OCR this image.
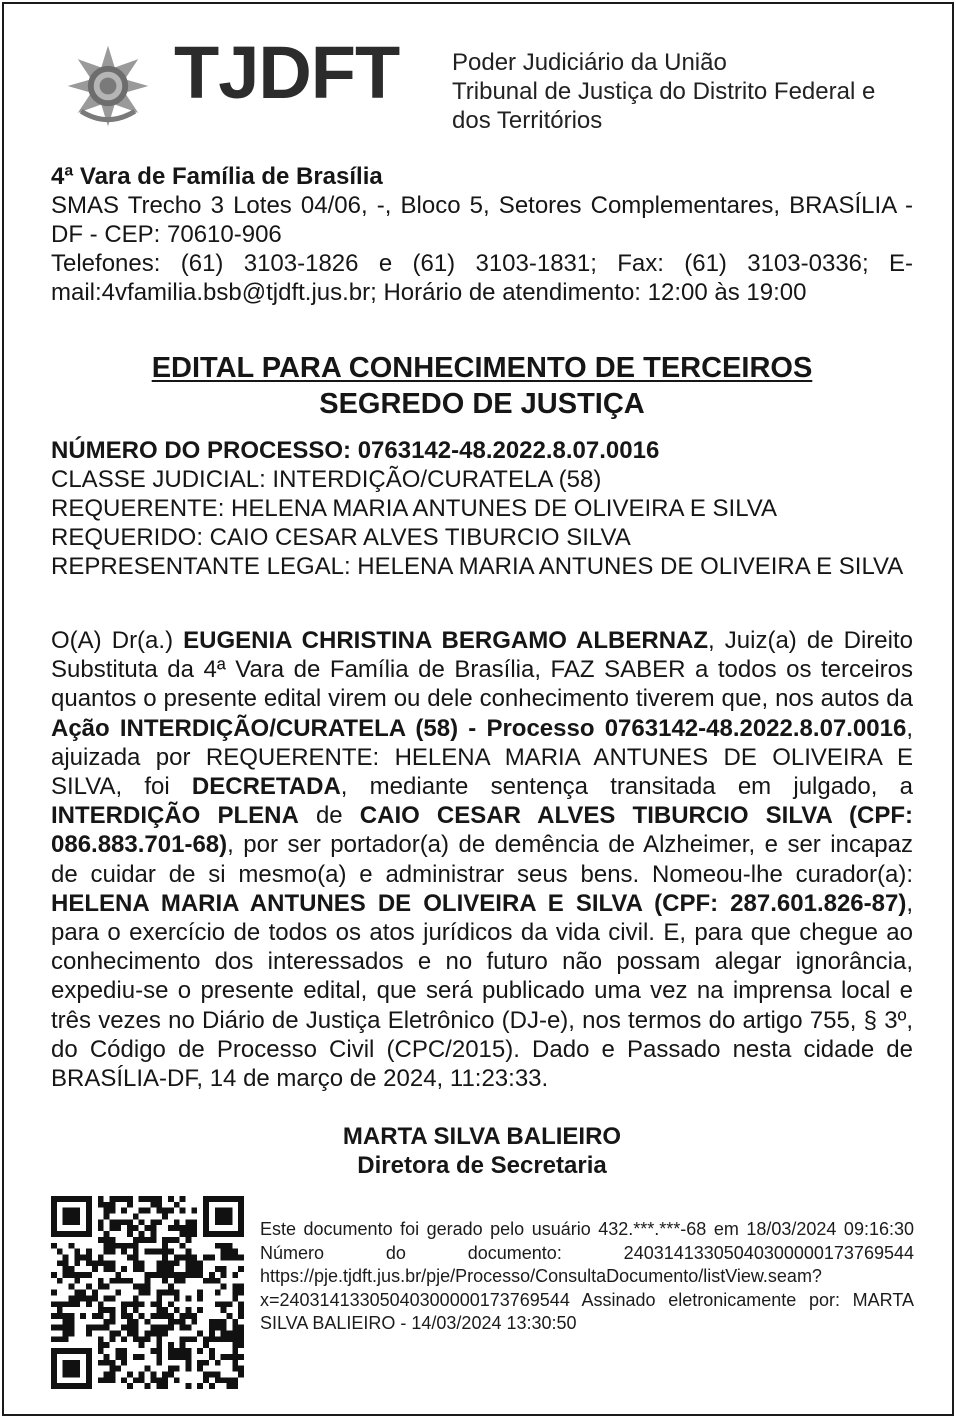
TJDFT Poder Judiciário da União
Tribunal de Justiça do Distrito Federal e
dos Territórios
4ª Vara de Família de Brasília
SMAS Trecho 3 Lotes 04/06, -, Bloco 5, Setores Complementares, BRASÍLIA -DF - CEP: 70610-906
Telefones: (61) 3103-1826 e (61) 3103-1831; Fax: (61) 3103-0336; E-mail:4vfamilia.bsb@tjdft.jus.br; Horário de atendimento: 12:00 às 19:00
EDITAL PARA CONHECIMENTO DE TERCEIROS
SEGREDO DE JUSTIÇA
NÚMERO DO PROCESSO: 0763142-48.2022.8.07.0016
CLASSE JUDICIAL: INTERDIÇÃO/CURATELA (58)
REQUERENTE: HELENA MARIA ANTUNES DE OLIVEIRA E SILVA
REQUERIDO: CAIO CESAR ALVES TIBURCIO SILVA
REPRESENTANTE LEGAL: HELENA MARIA ANTUNES DE OLIVEIRA E SILVA
O(A) Dr(a.) EUGENIA CHRISTINA BERGAMO ALBERNAZ, Juiz(a) de Direito Substituta da 4ª Vara de Família de Brasília, FAZ SABER a todos os terceiros quantos o presente edital virem ou dele conhecimento tiverem que, nos autos da Ação INTERDIÇÃO/CURATELA (58) - Processo 0763142-48.2022.8.07.0016, ajuizada por REQUERENTE: HELENA MARIA ANTUNES DE OLIVEIRA E SILVA, foi DECRETADA, mediante sentença transitada em julgado, a INTERDIÇÃO PLENA de CAIO CESAR ALVES TIBURCIO SILVA (CPF: 086.883.701-68), por ser portador(a) de demência de Alzheimer, e ser incapaz de cuidar de si mesmo(a) e administrar seus bens. Nomeou-lhe curador(a): HELENA MARIA ANTUNES DE OLIVEIRA E SILVA (CPF: 287.601.826-87), para o exercício de todos os atos jurídicos da vida civil. E, para que chegue ao conhecimento dos interessados e no futuro não possam alegar ignorância, expediu-se o presente edital, que será publicado uma vez na imprensa local e três vezes no Diário de Justiça Eletrônico (DJ-e), nos termos do artigo 755, § 3º, do Código de Processo Civil (CPC/2015). Dado e Passado nesta cidade de BRASÍLIA-DF, 14 de março de 2024, 11:23:33.
MARTA SILVA BALIEIRO
Diretora de Secretaria
Este documento foi gerado pelo usuário 432.***.***-68 em 18/03/2024 09:16:30 Número do documento: 24031413305040300000173769544 https://pje.tjdft.jus.br/pje/Processo/ConsultaDocumento/listView.seam?x=24031413305040300000173769544 Assinado eletronicamente por: MARTA SILVA BALIEIRO - 14/03/2024 13:30:50
